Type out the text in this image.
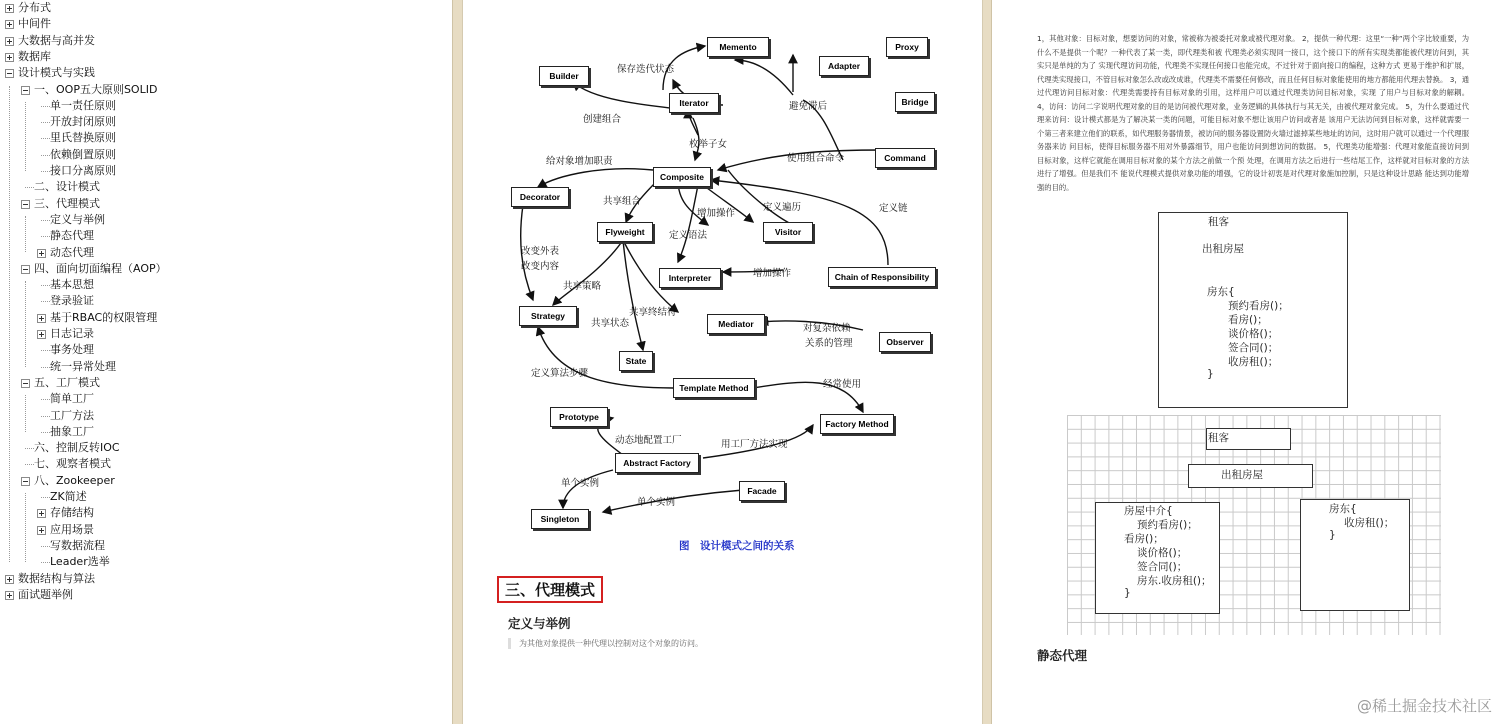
分布式
中间件
大数据与高并发
数据库
设计模式与实践
一、OOP五大原则SOLID
单一责任原则
开放封闭原则
里氏替换原则
依赖倒置原则
接口分离原则
二、设计模式
三、代理模式
定义与举例
静态代理
动态代理
四、面向切面编程（AOP）
基本思想
登录验证
基于RBAC的权限管理
日志记录
事务处理
统一异常处理
五、工厂模式
简单工厂
工厂方法
抽象工厂
六、控制反转IOC
七、观察者模式
八、Zookeeper
ZK简述
存储结构
应用场景
写数据流程
Leader选举
数据结构与算法
面试题举例
Memento	Proxy
Builder
Adapter
Iterator	Bridge
Composite
Command
Decorator
Flyweight	Visitor
Interpreter	Chain of Responsibility
Strategy
Mediator
Observer
State
Template Method
Prototype
Factory Method
Abstract Factory
Facade
Singleton
保存迭代状态
避免滞后
创建组合
枚举子女
使用组合命令
给对象增加职责
共享组合
增加操作
定义遍历	定义链
定义语法
改变外表
改变内容
共享策略
增加操作
共享终结符
共享状态	对复杂依赖
关系的管理
定义算法步骤
经常使用
动态地配置工厂	用工厂方法实现
单个实例
单个实例
图　设计模式之间的关系
三、代理模式
定义与举例
为其他对象提供一种代理以控制对这个对象的访问。
1，其他对象：目标对象，想要访问的对象，常被称为被委托对象或被代理对象。 2，提供一种代理：这里“一种”两个字比较重要，为什么不是提供一个呢？一种代表了某一类，即代理类和被 代理类必须实现同一接口，这个接口下的所有实现类都能被代理访问到，其实只是单纯的为了 实现代理访问功能，代理类不实现任何接口也能完成，不过针对于面向接口的编程，这种方式 更易于维护和扩展，代理类实现接口，不管目标对象怎么改或改成谁，代理类不需要任何修改，而且任何目标对象能使用的地方都能用代理去替换。 3，通过代理访问目标对象：代理类需要持有目标对象的引用，这样用户可以通过代理类访问目标对象，实现 了用户与目标对象的解耦。 4，访问：访问二字说明代理对象的目的是访问被代理对象，业务逻辑的具体执行与其无关，由被代理对象完成。 5，为什么要通过代理来访问：设计模式都是为了解决某一类的问题，可能目标对象不想让该用户访问或者是 该用户无法访问到目标对象，这样就需要一个第三者来建立他们的联系，如代理服务器情景，被访问的服务器设置防火墙过滤掉某些地址的访问，这时用户就可以通过一个代理服务器来访 问目标，使得目标服务器不用对外暴露细节，用户也能访问到想访问的数据。 5，代理类功能增强：代理对象能直接访问到目标对象，这样它就能在调用目标对象的某个方法之前做一个预 处理，在调用方法之后进行一些结尾工作，这样就对目标对象的方法进行了增强。但是我们不 能说代理模式提供对象功能的增强，它的设计初衷是对代理对象施加控制，只是这种设计思路 能达到功能增强的目的。
租客
出租房屋
房东{
预约看房()；
看房()；
谈价格()；
签合同()；
收房租()；
}
租客
出租房屋
房屋中介{
预约看房()；
看房()；
谈价格()；
签合同()；
房东.收房租()；
}
房东{
收房租()；
}
静态代理
@稀土掘金技术社区
